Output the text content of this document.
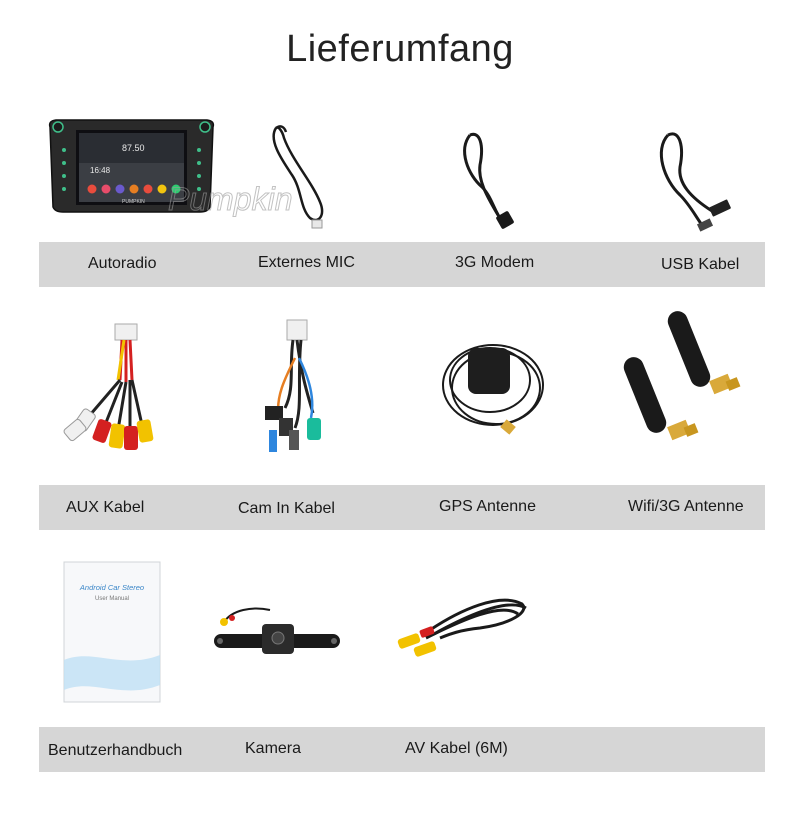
Lieferumfang
87.50
16:48
PUMPKIN Pumpkin
Autoradio	Externes MIC	3G Modem	USB Kabel
AUX Kabel	Cam In Kabel	GPS Antenne	Wifi/3G Antenne
Android Car Stereo
User Manual
Benutzerhandbuch	Kamera	AV Kabel (6M)
